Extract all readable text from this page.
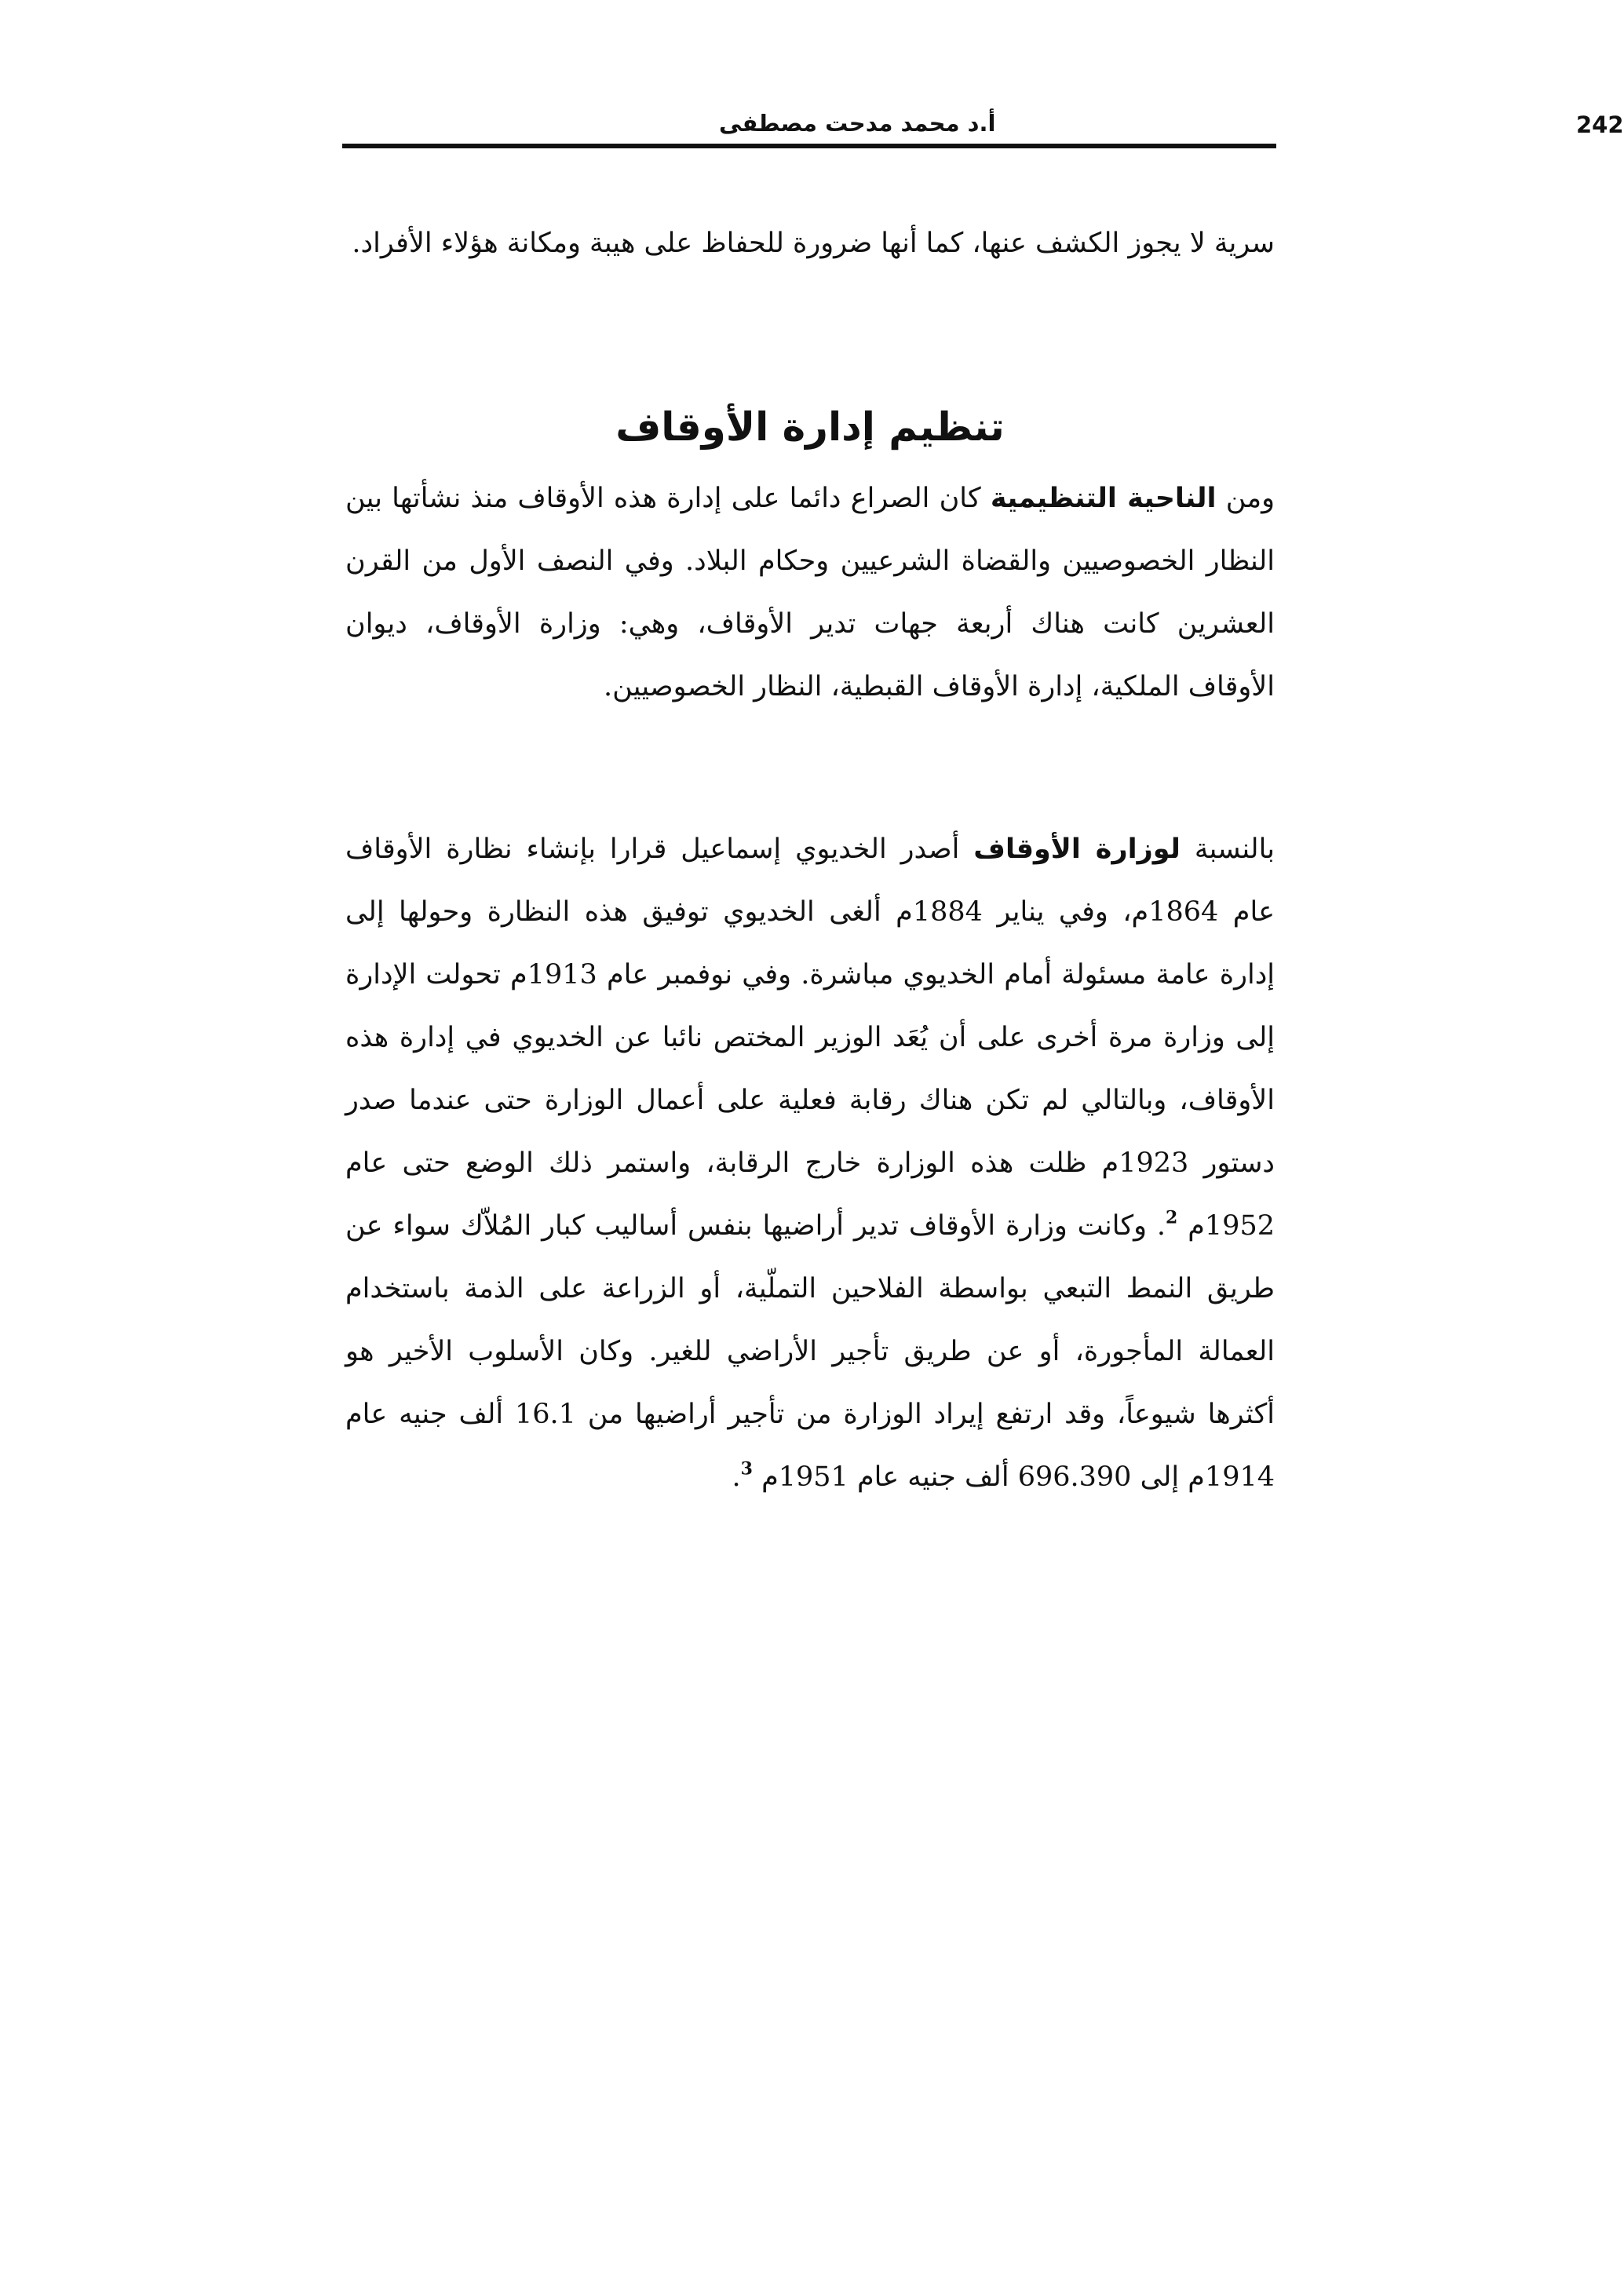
242
أ.د محمد مدحت مصطفى

سرية لا يجوز الكشف عنها، كما أنها ضرورة للحفاظ على هيبة ومكانة هؤلاء الأفراد.

تنظيم إدارة الأوقاف

ومن الناحية التنظيمية كان الصراع دائما على إدارة هذه الأوقاف منذ نشأتها بين النظار الخصوصيين والقضاة الشرعيين وحكام البلاد. وفي النصف الأول من القرن العشرين كانت هناك أربعة جهات تدير الأوقاف، وهي: وزارة الأوقاف، ديوان الأوقاف الملكية، إدارة الأوقاف القبطية، النظار الخصوصيين.

بالنسبة لوزارة الأوقاف أصدر الخديوي إسماعيل قرارا بإنشاء نظارة الأوقاف عام 1864م، وفي يناير 1884م ألغى الخديوي توفيق هذه النظارة وحولها إلى إدارة عامة مسئولة أمام الخديوي مباشرة. وفي نوفمبر عام 1913م تحولت الإدارة إلى وزارة مرة أخرى على أن يُعَد الوزير المختص نائبا عن الخديوي في إدارة هذه الأوقاف، وبالتالي لم تكن هناك رقابة فعلية على أعمال الوزارة حتى عندما صدر دستور 1923م ظلت هذه الوزارة خارج الرقابة، واستمر ذلك الوضع حتى عام 1952م $^2$. وكانت وزارة الأوقاف تدير أراضيها بنفس أساليب كبار المُلاّك سواء عن طريق النمط التبعي بواسطة الفلاحين التملّية، أو الزراعة على الذمة باستخدام العمالة المأجورة، أو عن طريق تأجير الأراضي للغير. وكان الأسلوب الأخير هو أكثرها شيوعاً، وقد ارتفع إيراد الوزارة من تأجير أراضيها من 16.1 ألف جنيه عام 1914م إلى 696.390 ألف جنيه عام 1951م $^3$.
